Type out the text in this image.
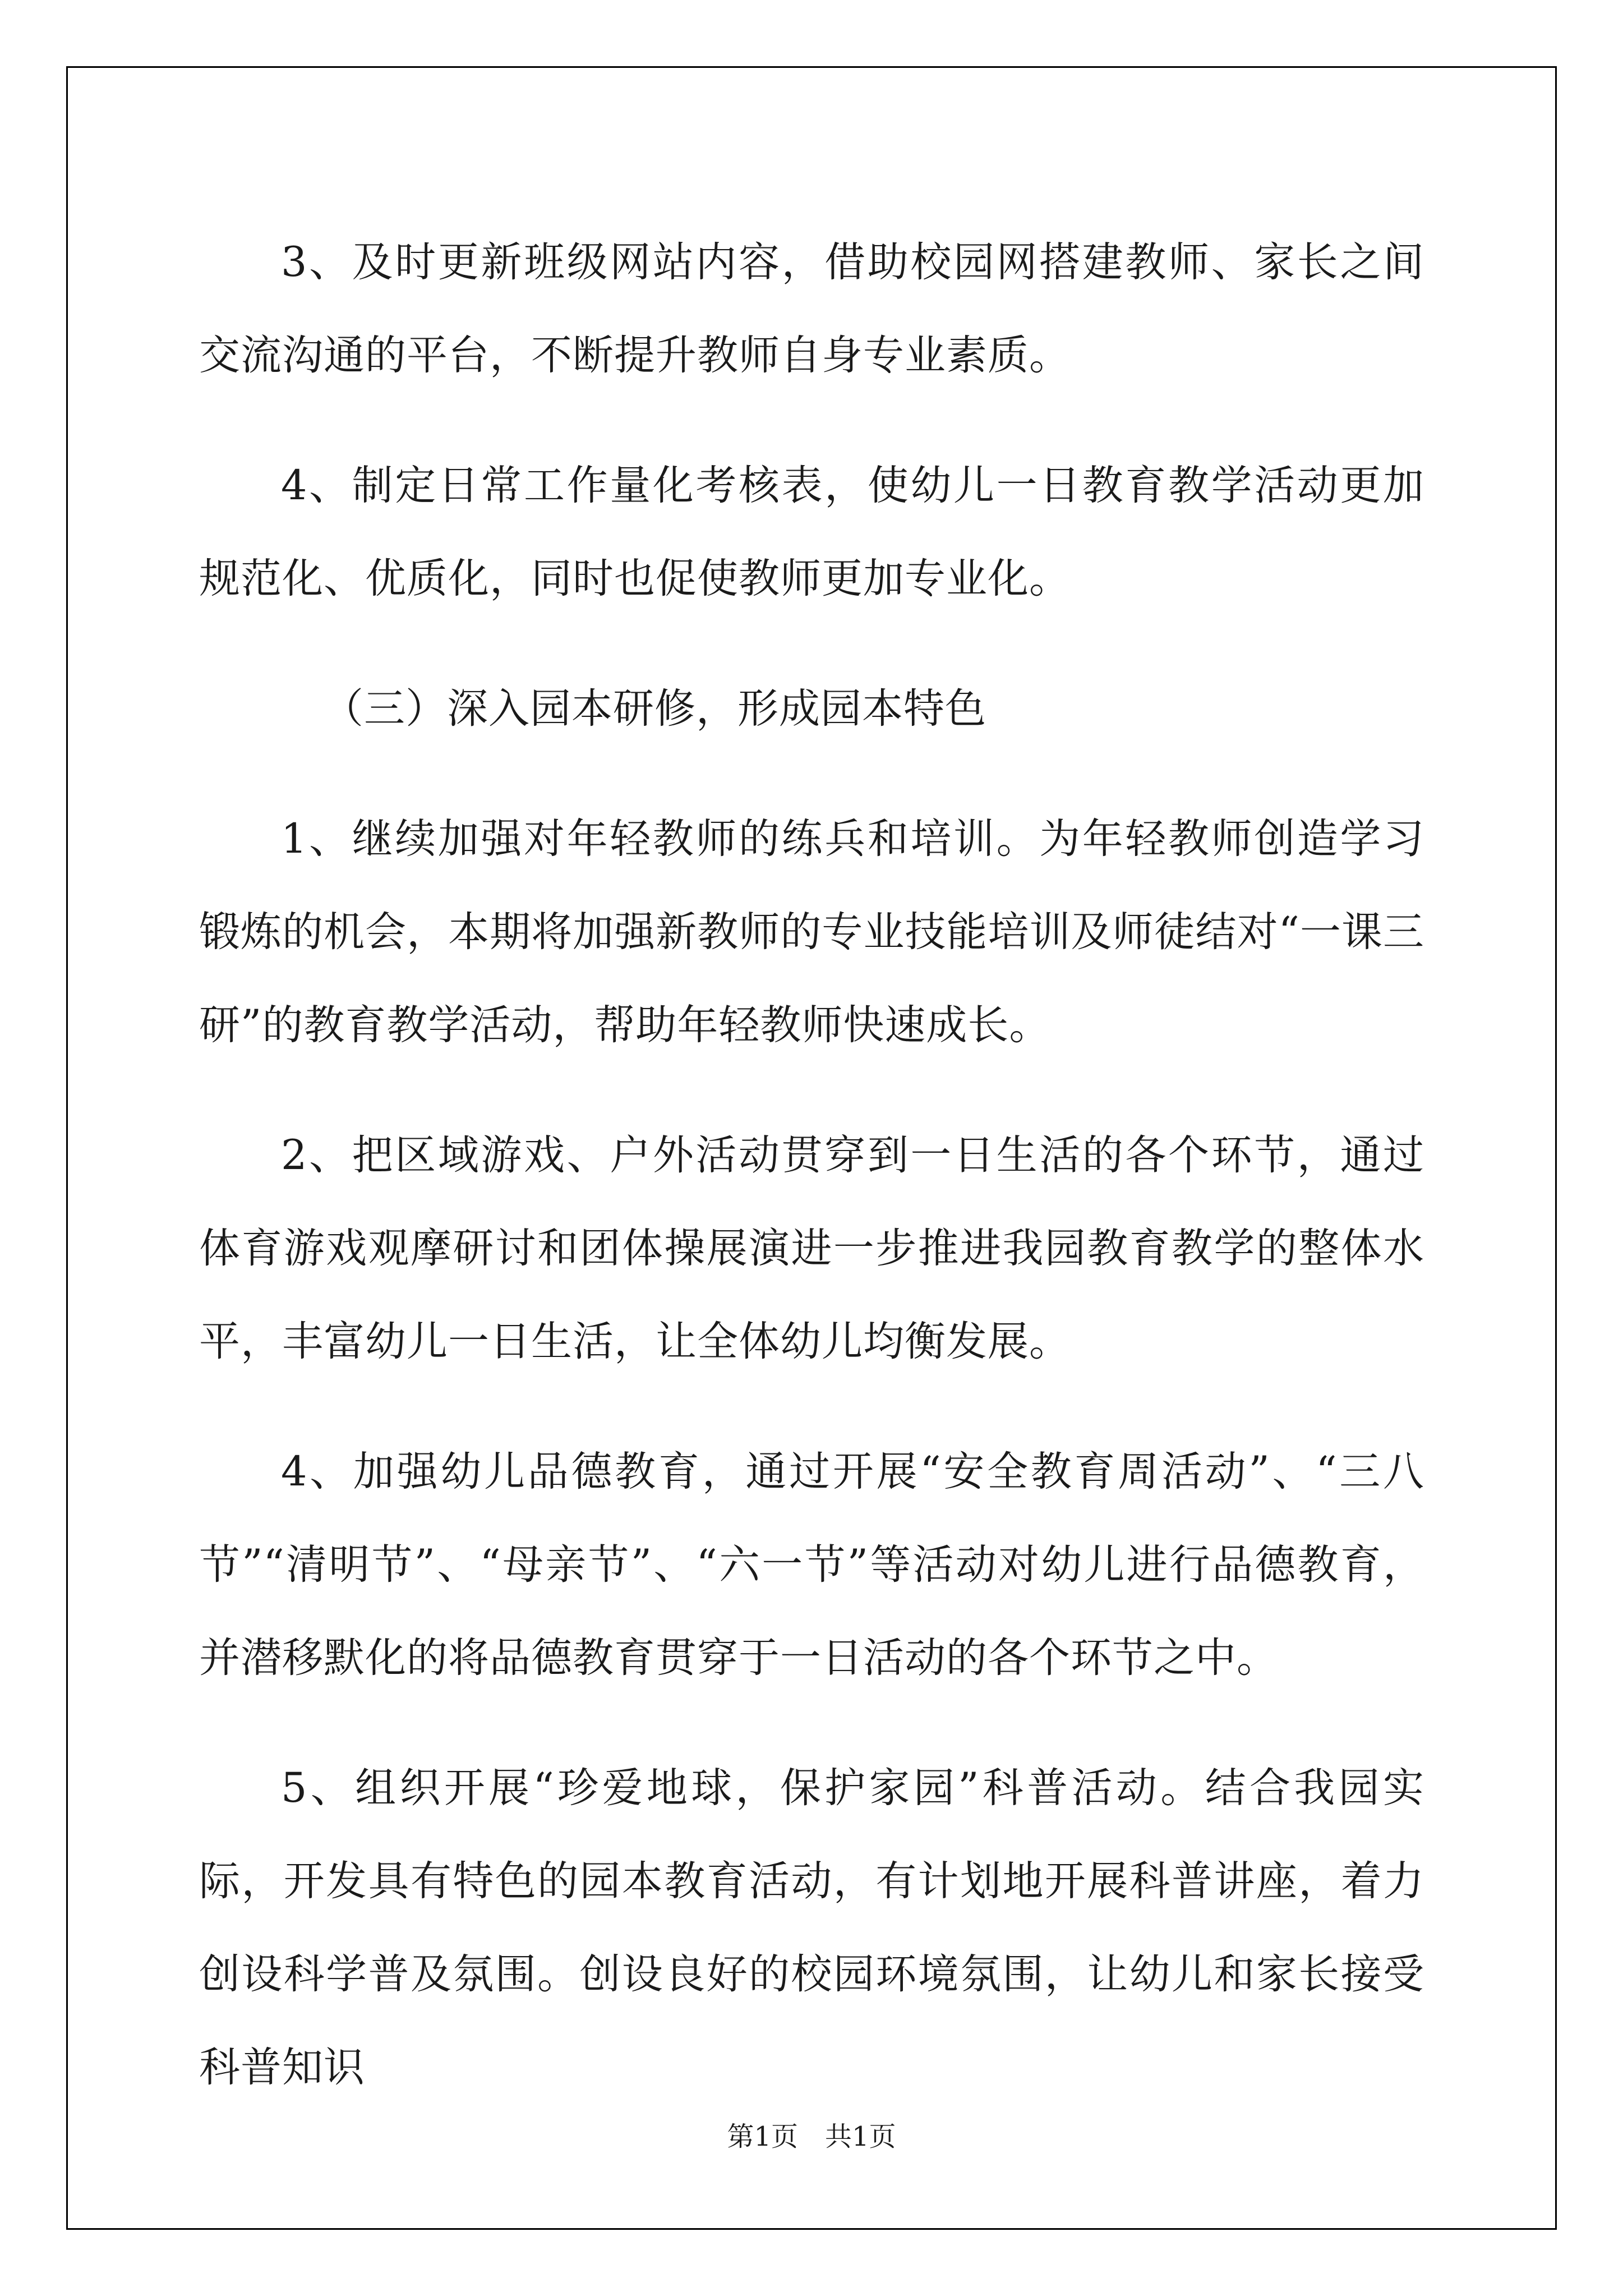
3、及时更新班级网站内容，借助校园网搭建教师、家长之间交流沟通的平台，不断提升教师自身专业素质。

4、制定日常工作量化考核表，使幼儿一日教育教学活动更加规范化、优质化，同时也促使教师更加专业化。

（三）深入园本研修，形成园本特色

1、继续加强对年轻教师的练兵和培训。为年轻教师创造学习锻炼的机会，本期将加强新教师的专业技能培训及师徒结对“一课三研”的教育教学活动，帮助年轻教师快速成长。

2、把区域游戏、户外活动贯穿到一日生活的各个环节，通过体育游戏观摩研讨和团体操展演进一步推进我园教育教学的整体水平，丰富幼儿一日生活，让全体幼儿均衡发展。

4、加强幼儿品德教育，通过开展“安全教育周活动”、“三八节”“清明节”、“母亲节”、“六一节”等活动对幼儿进行品德教育，并潜移默化的将品德教育贯穿于一日活动的各个环节之中。

5、组织开展“珍爱地球，保护家园”科普活动。结合我园实际，开发具有特色的园本教育活动，有计划地开展科普讲座，着力创设科学普及氛围。创设良好的校园环境氛围，让幼儿和家长接受科普知识

第1页　共1页
